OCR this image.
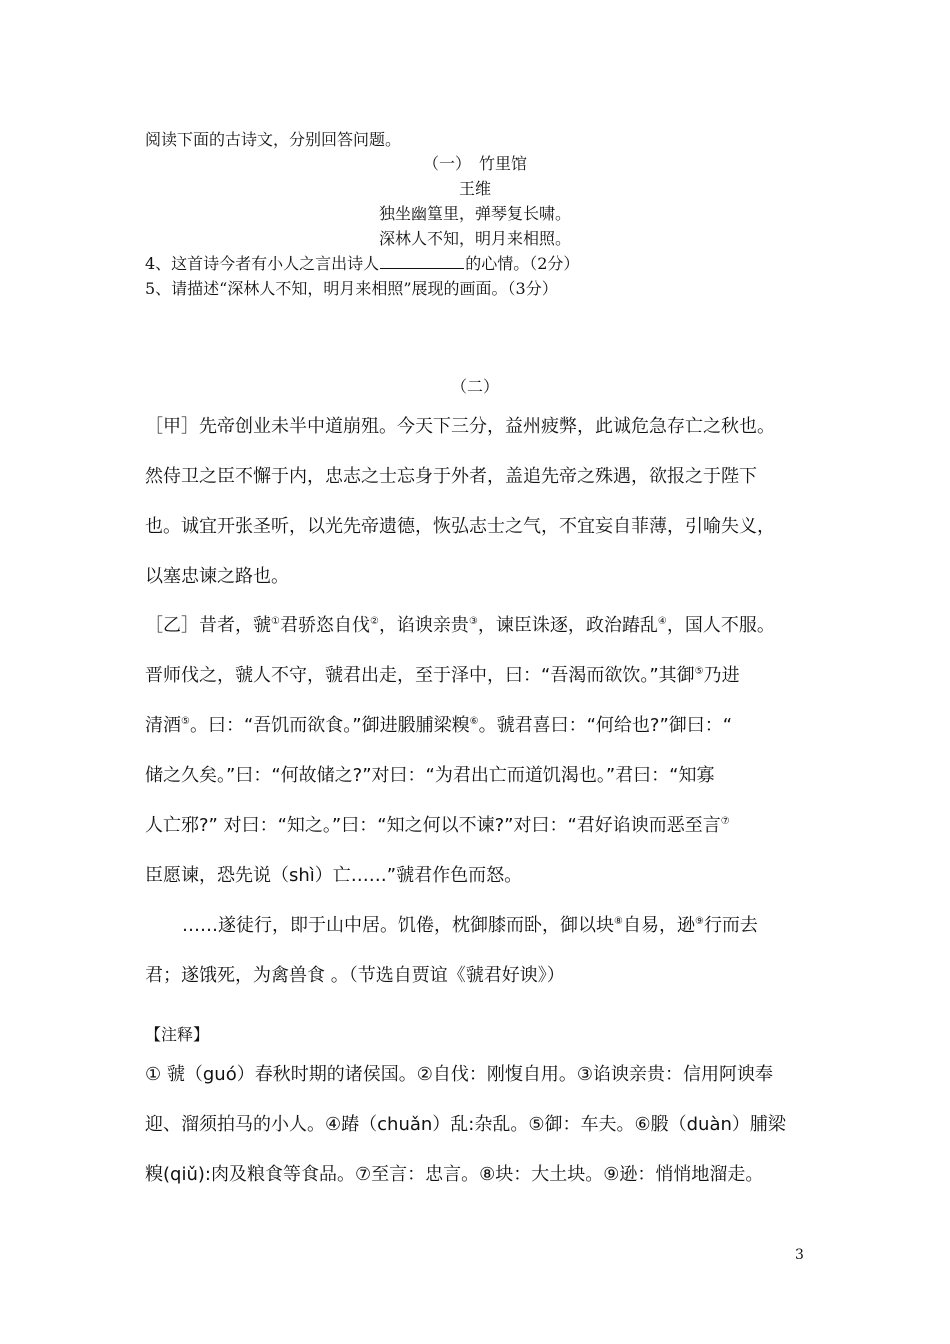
阅读下面的古诗文，分别回答问题。
（一）　竹里馆
王维
独坐幽篁里，弹琴复长啸。
深林人不知，明月来相照。
4、这首诗今者有小人之言出诗人	的心情。（2分）
5、请描述“深林人不知，明月来相照”展现的画面。（3分）
（二）
［甲］先帝创业未半中道崩殂。今天下三分，益州疲弊，此诚危急存亡之秋也。
然侍卫之臣不懈于内，忠志之士忘身于外者，盖追先帝之殊遇，欲报之于陛下
也。诚宜开张圣听，以光先帝遗德，恢弘志士之气，不宜妄自菲薄，引喻失义，
以塞忠谏之路也。
［乙］昔者，虢①君骄恣自伐②，谄谀亲贵③，谏臣诛逐，政治踳乱④，国人不服。
晋师伐之，虢人不守，虢君出走，至于泽中，曰：“吾渴而欲饮。”其御⑤乃进
清酒⑤。曰：“吾饥而欲食。”御进腶脯梁糗⑥。虢君喜曰：“何给也?”御曰：“
储之久矣。”曰：“何故储之?”对曰：“为君出亡而道饥渴也。”君曰：“知寡
人亡邪?” 对曰：“知之。”曰：“知之何以不谏?”对曰：“君好谄谀而恶至言⑦
臣愿谏，恐先说（shì）亡……”虢君作色而怒。
……遂徒行，即于山中居。饥倦，枕御膝而卧，御以块⑧自易，逊⑨行而去
君；遂饿死，为禽兽食 。（节选自贾谊《虢君好谀》）
【注释】
① 虢（guó）春秋时期的诸侯国。②自伐：刚愎自用。③谄谀亲贵：信用阿谀奉
迎、溜须拍马的小人。④踳（chuǎn）乱:杂乱。⑤御：车夫。⑥腶（duàn）脯梁
糗(qiǔ):肉及粮食等食品。⑦至言：忠言。⑧块：大土块。⑨逊：悄悄地溜走。
3
